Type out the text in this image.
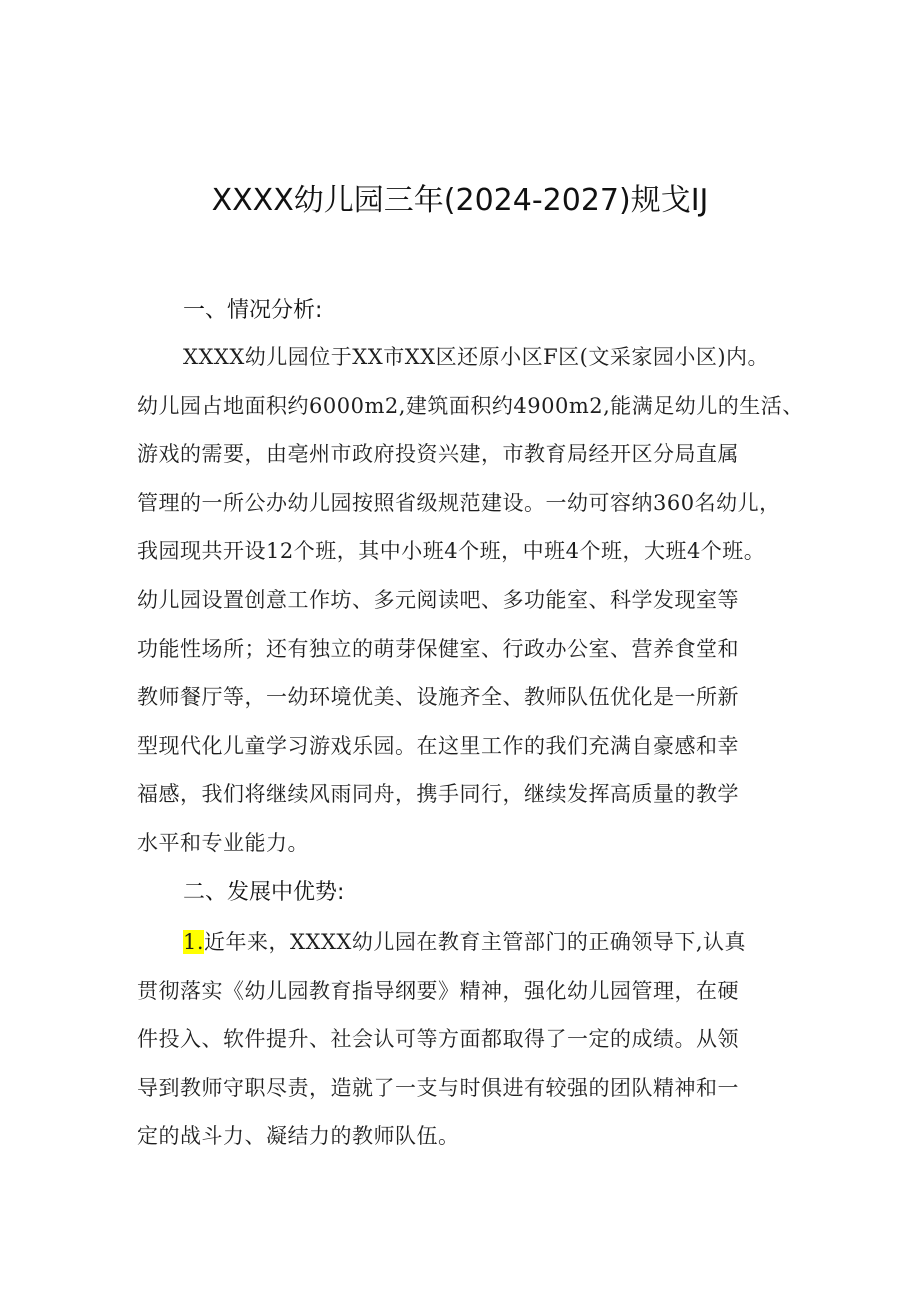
XXXX幼儿园三年(2024-2027)规戈IJ
一、情况分析:
XXXX幼儿园位于XX市XX区还原小区F区(文采家园小区)内。
幼儿园占地面积约6000m2,建筑面积约4900m2,能满足幼儿的生活、
游戏的需要，由亳州市政府投资兴建，市教育局经开区分局直属
管理的一所公办幼儿园按照省级规范建设。一幼可容纳360名幼儿，
我园现共开设12个班，其中小班4个班，中班4个班，大班4个班。
幼儿园设置创意工作坊、多元阅读吧、多功能室、科学发现室等
功能性场所；还有独立的萌芽保健室、行政办公室、营养食堂和
教师餐厅等，一幼环境优美、设施齐全、教师队伍优化是一所新
型现代化儿童学习游戏乐园。在这里工作的我们充满自豪感和幸
福感，我们将继续风雨同舟，携手同行，继续发挥高质量的教学
水平和专业能力。
二、发展中优势:
1.近年来，XXXX幼儿园在教育主管部门的正确领导下,认真
贯彻落实《幼儿园教育指导纲要》精神，强化幼儿园管理，在硬
件投入、软件提升、社会认可等方面都取得了一定的成绩。从领
导到教师守职尽责，造就了一支与时俱进有较强的团队精神和一
定的战斗力、凝结力的教师队伍。
